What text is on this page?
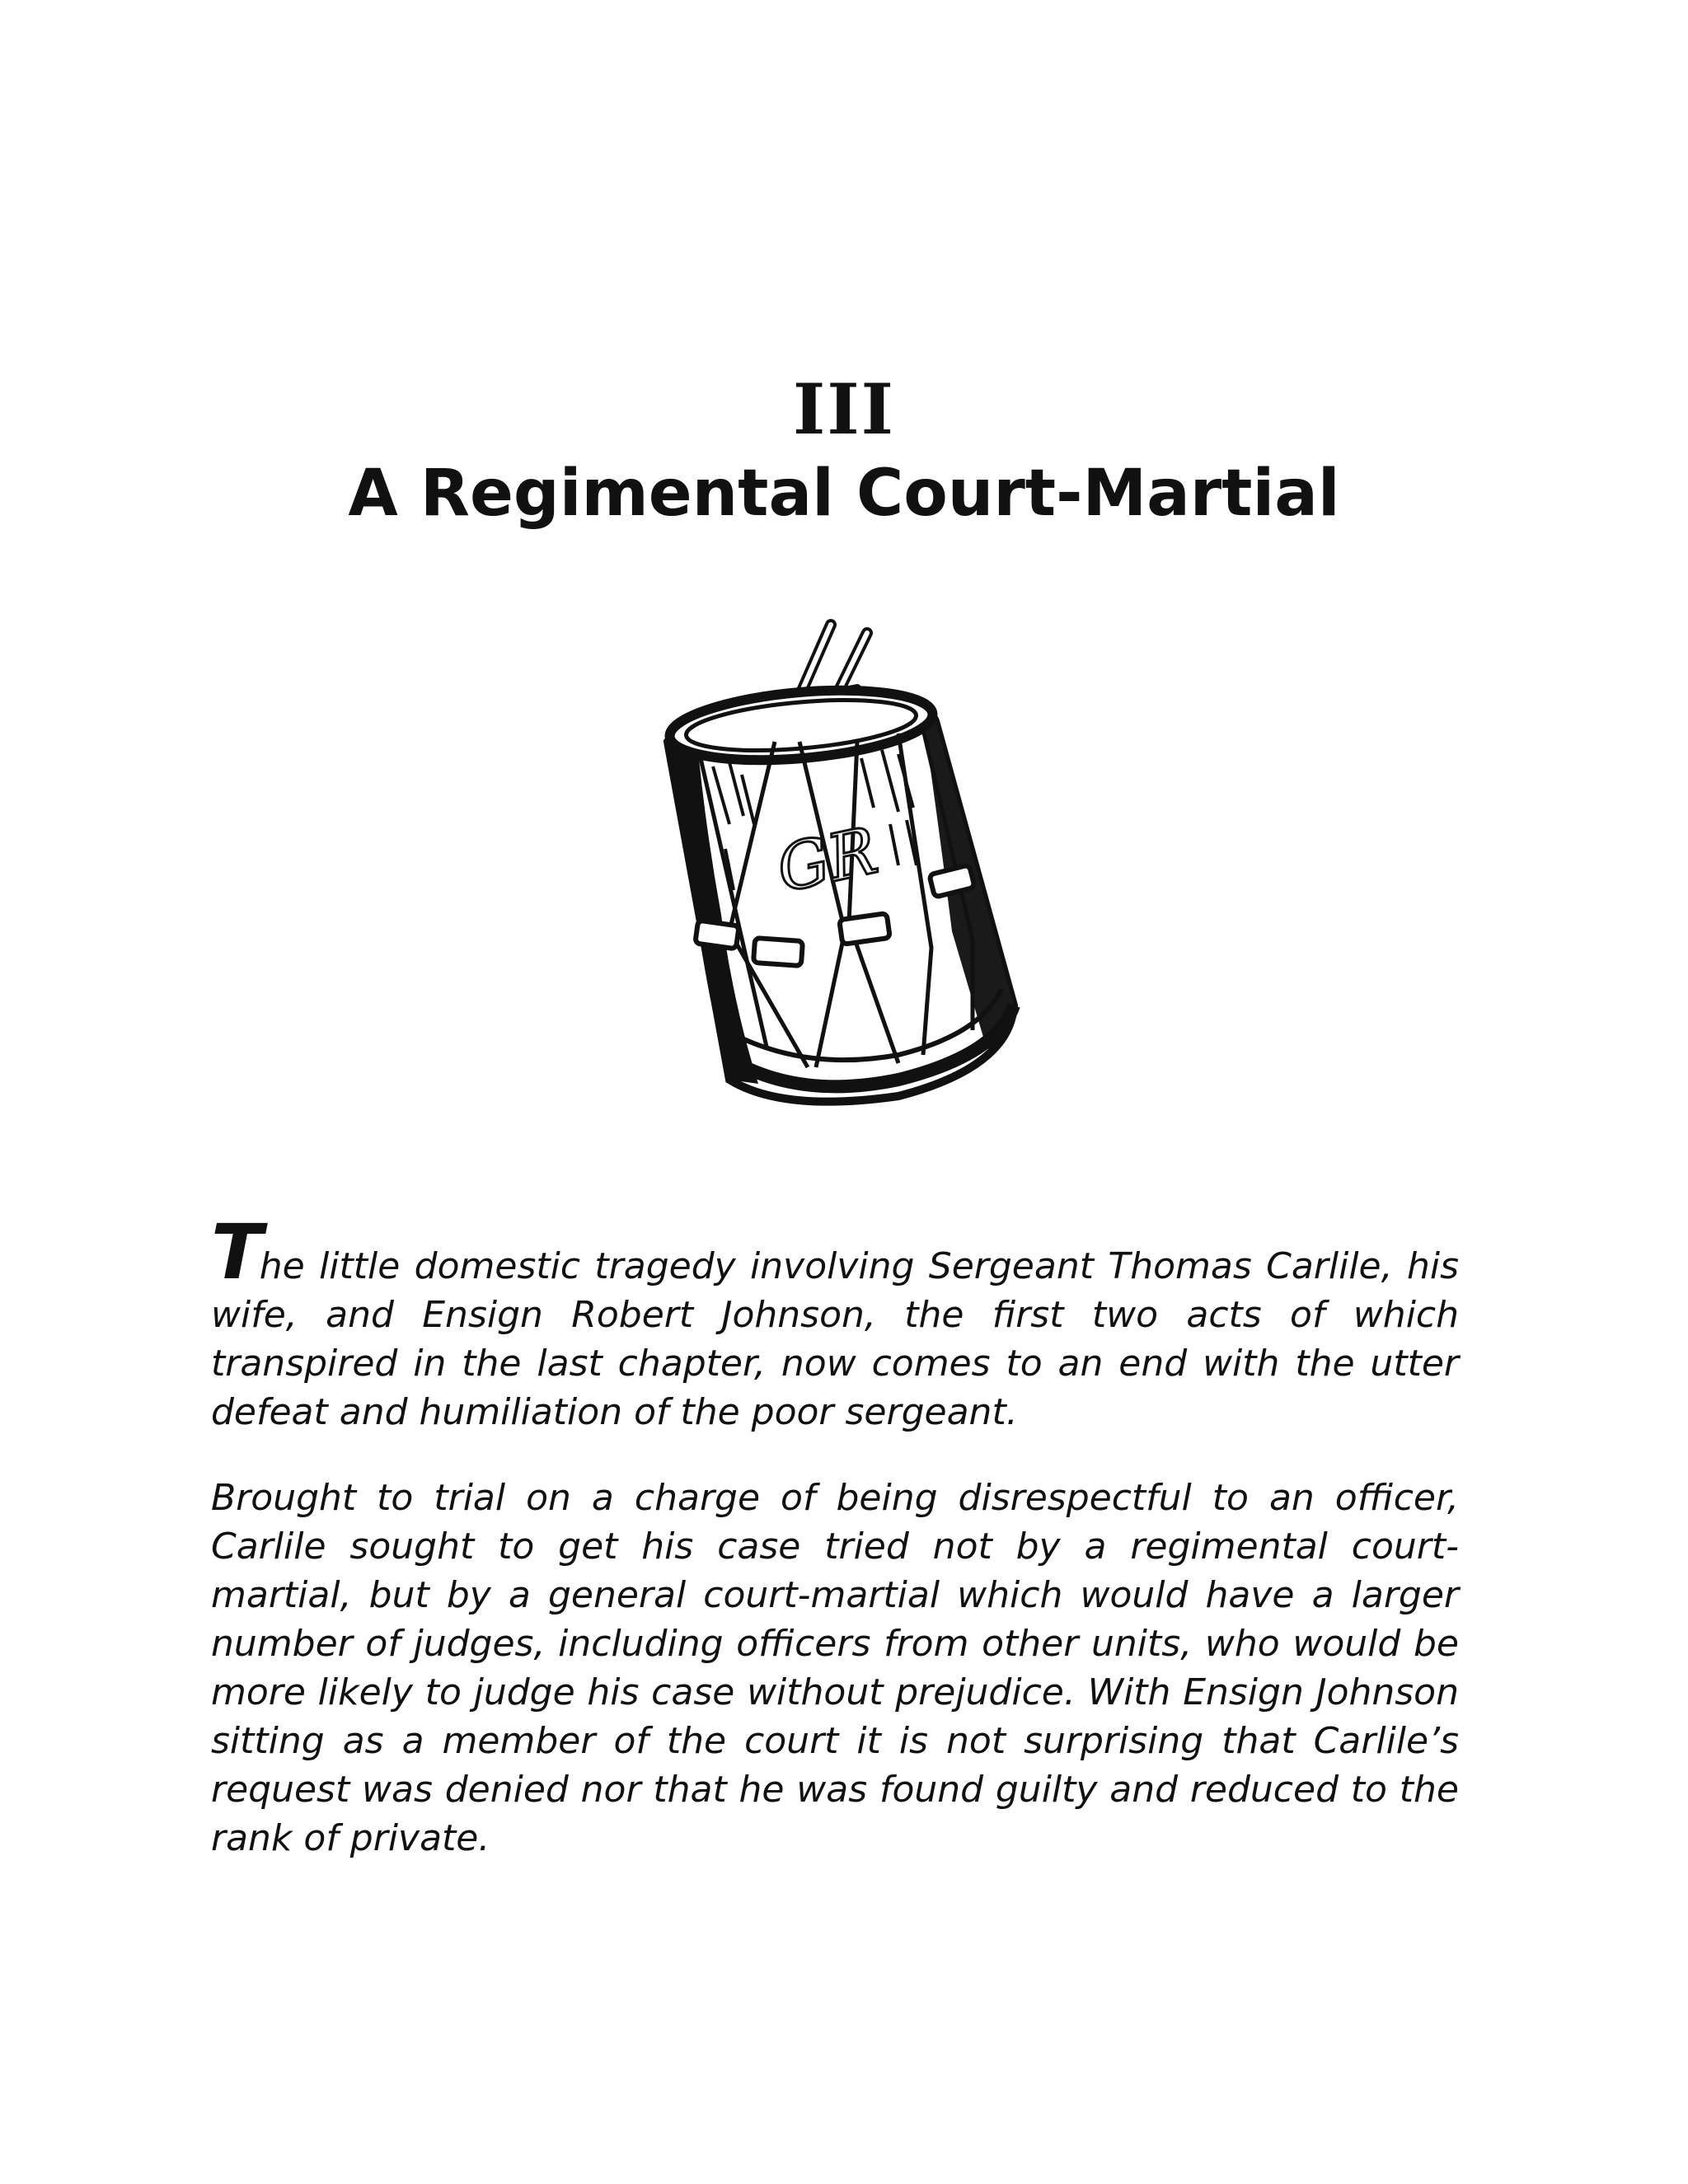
III
A Regimental Court-Martial
GR

The little domestic tragedy involving Sergeant Thomas Carlile, his wife, and Ensign Robert Johnson, the first two acts of which transpired in the last chapter, now comes to an end with the utter defeat and humiliation of the poor sergeant.

Brought to trial on a charge of being disrespectful to an officer, Carlile sought to get his case tried not by a regimental court-martial, but by a general court-martial which would have a larger number of judges, including officers from other units, who would be more likely to judge his case without prejudice. With Ensign Johnson sitting as a member of the court it is not surprising that Carlile’s request was denied nor that he was found guilty and reduced to the rank of private.
